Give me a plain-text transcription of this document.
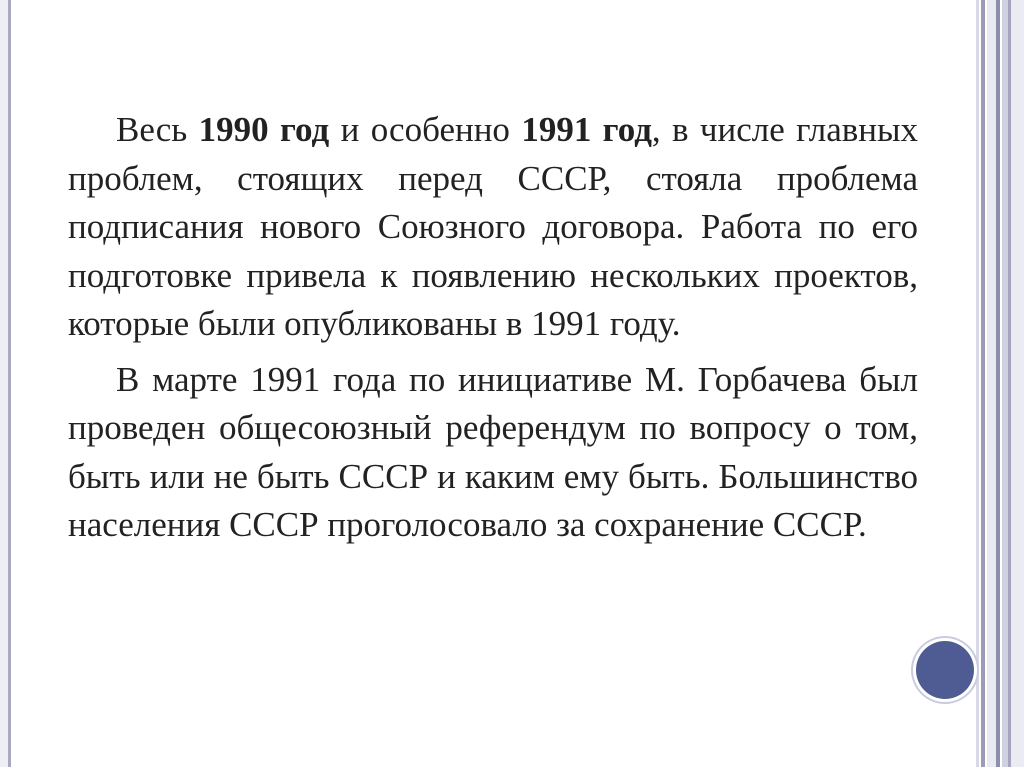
Весь 1990 год и особенно 1991 год, в числе главных проблем, стоящих перед СССР, стояла проблема подписания нового Союзного договора. Работа по его подготовке привела к появлению нескольких проектов, которые были опубликованы в 1991 году.

В марте 1991 года по инициативе М. Горбачева был проведен общесоюзный референдум по вопросу о том, быть или не быть СССР и каким ему быть. Большинство населения СССР проголосовало за сохранение СССР.
